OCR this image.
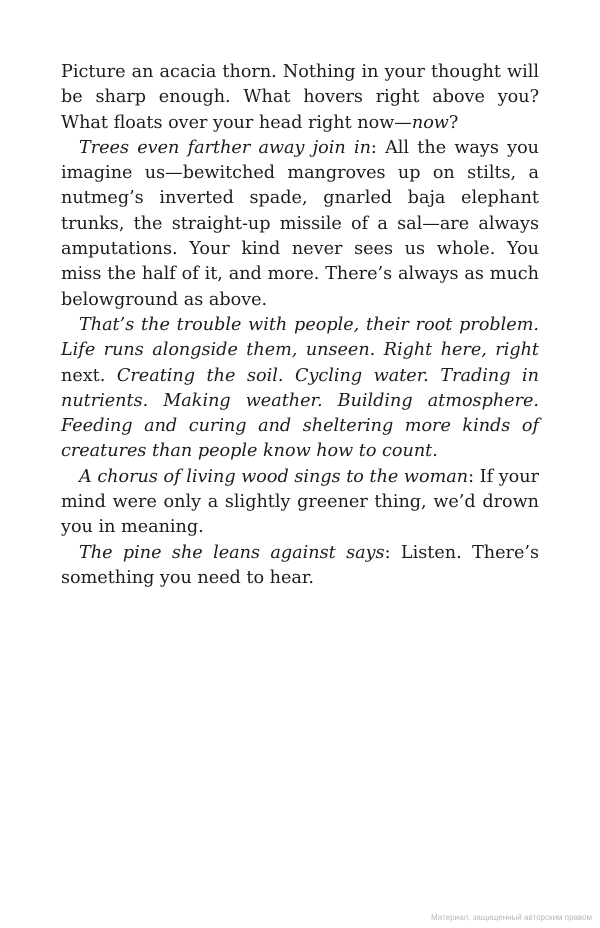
Picture an acacia thorn. Nothing in your thought will be sharp enough. What hovers right above you? What floats over your head right now—now?

Trees even farther away join in: All the ways you imagine us—bewitched mangroves up on stilts, a nutmeg’s inverted spade, gnarled baja elephant trunks, the straight-up missile of a sal—are always amputations. Your kind never sees us whole. You miss the half of it, and more. There’s always as much belowground as above.

That’s the trouble with people, their root problem. Life runs alongside them, unseen. Right here, right next. Creating the soil. Cycling water. Trading in nutrients. Making weather. Building atmosphere. Feeding and curing and sheltering more kinds of creatures than people know how to count.

A chorus of living wood sings to the woman: If your mind were only a slightly greener thing, we’d drown you in meaning.

The pine she leans against says: Listen. There’s something you need to hear.

Материал, защищенный авторским правом
